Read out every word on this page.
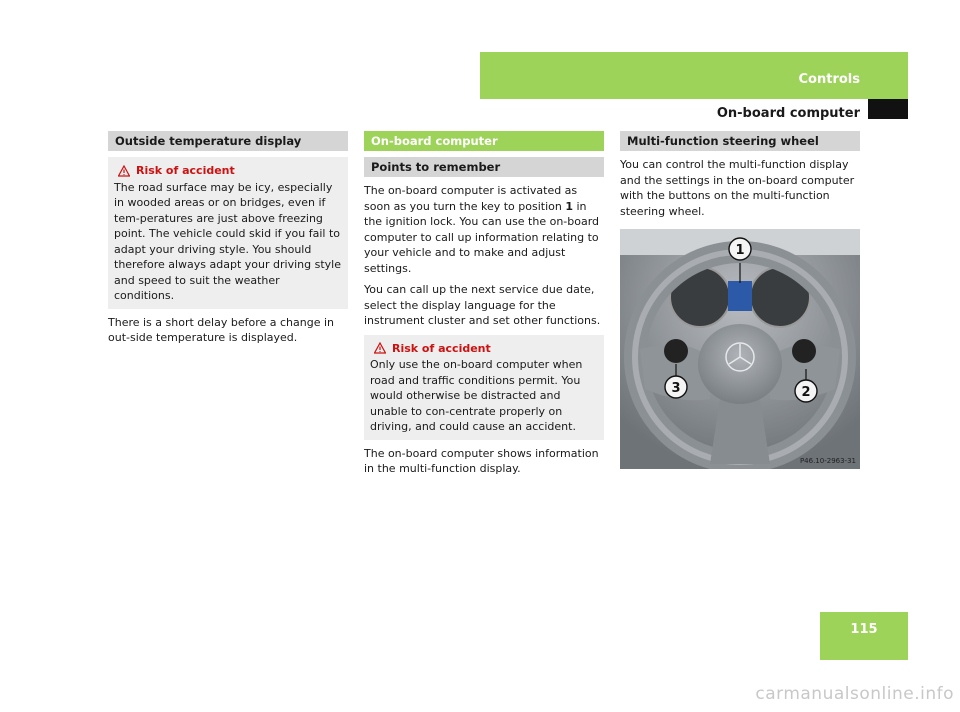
Controls
On-board computer
Outside temperature display
Risk of accident
The road surface may be icy, especially in wooded areas or on bridges, even if tem-peratures are just above freezing point. The vehicle could skid if you fail to adapt your driving style. You should therefore always adapt your driving style and speed to suit the weather conditions.

There is a short delay before a change in out-side temperature is displayed.

On-board computer
Points to remember

The on-board computer is activated as soon as you turn the key to position 1 in the ignition lock. You can use the on-board computer to call up information relating to your vehicle and to make and adjust settings.

You can call up the next service due date, select the display language for the instrument cluster and set other functions.

Risk of accident
Only use the on-board computer when road and traffic conditions permit. You would otherwise be distracted and unable to con-centrate properly on driving, and could cause an accident.

The on-board computer shows information in the multi-function display.

Multi-function steering wheel

You can control the multi-function display and the settings in the on-board computer with the buttons on the multi-function steering wheel.

1
2
3
P46.10-2963-31
115
carmanualsonline.info
